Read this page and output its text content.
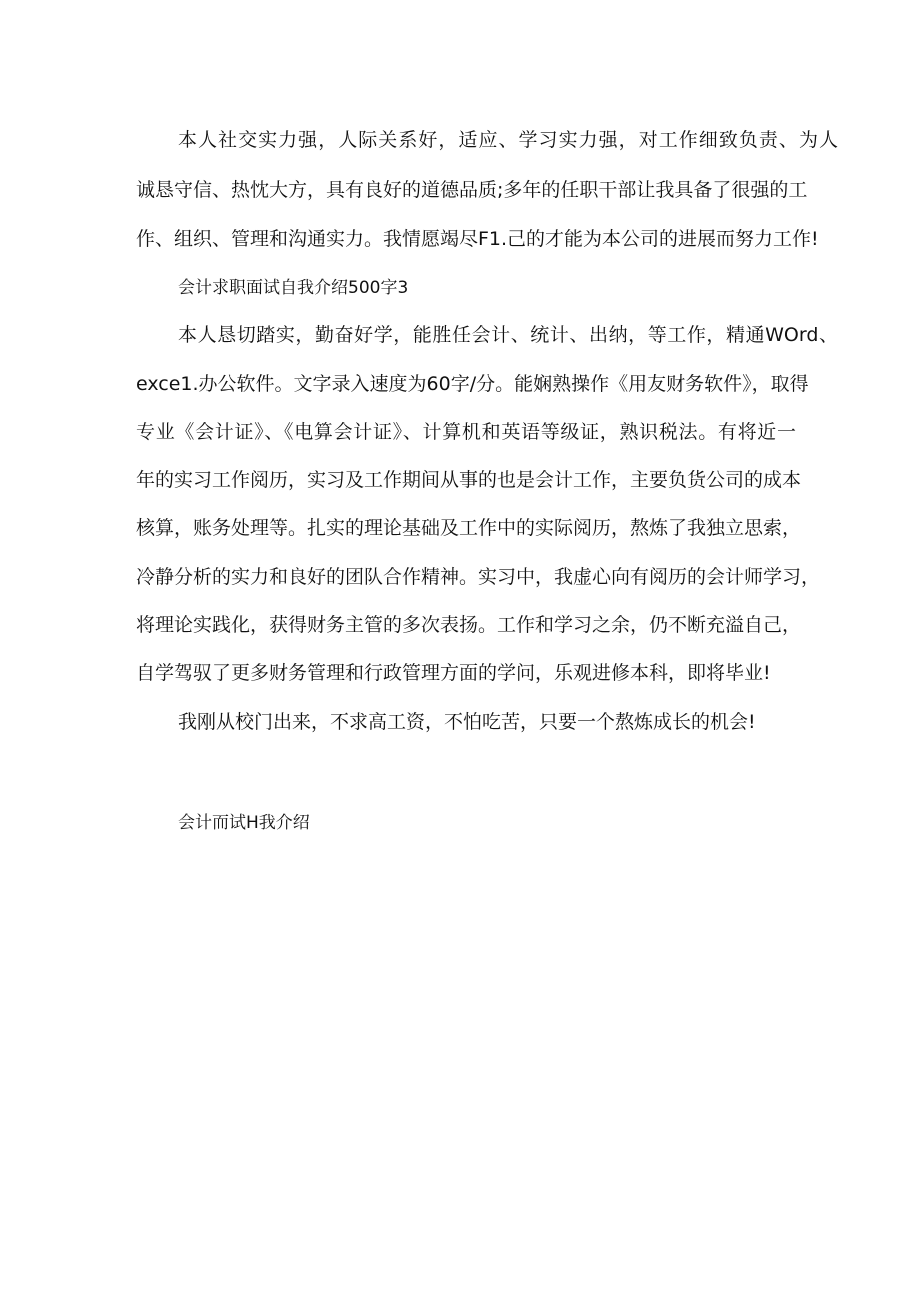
本人社交实力强，人际关系好，适应、学习实力强，对工作细致负责、为人
诚恳守信、热忱大方，具有良好的道德品质;多年的任职干部让我具备了很强的工
作、组织、管理和沟通实力。我情愿竭尽F1.己的才能为本公司的进展而努力工作!
会计求职面试自我介绍500字3
本人恳切踏实，勤奋好学，能胜任会计、统计、出纳，等工作，精通WOrd、
exce1.办公软件。文字录入速度为60字/分。能娴熟操作《用友财务软件》，取得
专业《会计证》、《电算会计证》、计算机和英语等级证，熟识税法。有将近一
年的实习工作阅历，实习及工作期间从事的也是会计工作，主要负货公司的成本
核算，账务处理等。扎实的理论基础及工作中的实际阅历，熬炼了我独立思索，
冷静分析的实力和良好的团队合作精神。实习中，我虚心向有阅历的会计师学习，
将理论实践化，获得财务主管的多次表扬。工作和学习之余，仍不断充溢自己，
自学驾驭了更多财务管理和行政管理方面的学问，乐观进修本科，即将毕业!
我刚从校门出来，不求高工资，不怕吃苦，只要一个熬炼成长的机会!
会计而试H我介绍
